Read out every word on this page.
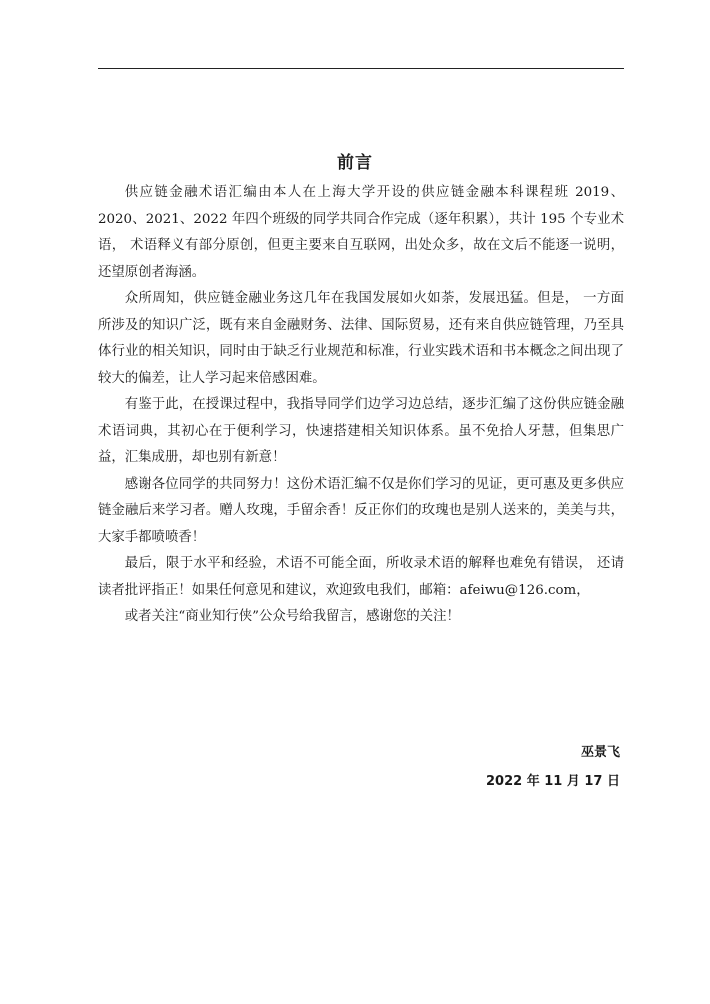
前言

供应链金融术语汇编由本人在上海大学开设的供应链金融本科课程班 2019、2020、2021、2022 年四个班级的同学共同合作完成（逐年积累），共计 195 个专业术语， 术语释义有部分原创，但更主要来自互联网，出处众多，故在文后不能逐一说明， 还望原创者海涵。

众所周知，供应链金融业务这几年在我国发展如火如荼，发展迅猛。但是， 一方面所涉及的知识广泛，既有来自金融财务、法律、国际贸易，还有来自供应链管理，乃至具体行业的相关知识，同时由于缺乏行业规范和标准，行业实践术语和书本概念之间出现了较大的偏差，让人学习起来倍感困难。

有鉴于此，在授课过程中，我指导同学们边学习边总结，逐步汇编了这份供应链金融术语词典，其初心在于便利学习，快速搭建相关知识体系。虽不免拾人牙慧，但集思广益，汇集成册，却也别有新意！

感谢各位同学的共同努力！这份术语汇编不仅是你们学习的见证，更可惠及更多供应链金融后来学习者。赠人玫瑰，手留余香！反正你们的玫瑰也是别人送来的，美美与共，大家手都喷喷香！

最后，限于水平和经验，术语不可能全面，所收录术语的解释也难免有错误， 还请读者批评指正！如果任何意见和建议，欢迎致电我们，邮箱：afeiwu@126.com，

或者关注“商业知行侠”公众号给我留言，感谢您的关注！

巫景飞
2022 年 11 月 17 日
